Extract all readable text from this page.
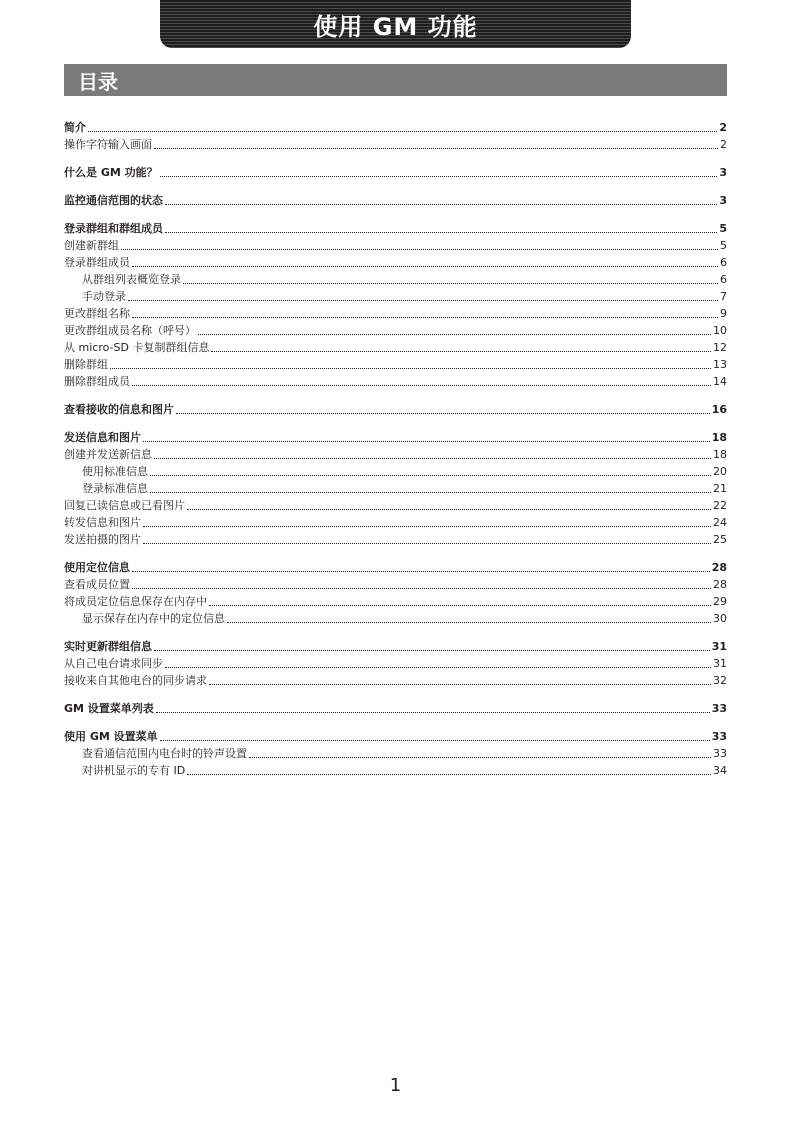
使用 GM 功能
目录
简介	2
操作字符输入画面	2
什么是 GM 功能？	3
监控通信范围的状态	3
登录群组和群组成员	5
创建新群组	5
登录群组成员	6
从群组列表概览登录	6
手动登录	7
更改群组名称	9
更改群组成员名称（呼号）	10
从 micro-SD 卡复制群组信息	12
删除群组	13
删除群组成员	14
查看接收的信息和图片	16
发送信息和图片	18
创建并发送新信息	18
使用标准信息	20
登录标准信息	21
回复已读信息或已看图片	22
转发信息和图片	24
发送拍摄的图片	25
使用定位信息	28
查看成员位置	28
将成员定位信息保存在内存中	29
显示保存在内存中的定位信息	30
实时更新群组信息	31
从自己电台请求同步	31
接收来自其他电台的同步请求	32
GM 设置菜单列表	33
使用 GM 设置菜单	33
查看通信范围内电台时的铃声设置	33
对讲机显示的专有 ID	34
1
